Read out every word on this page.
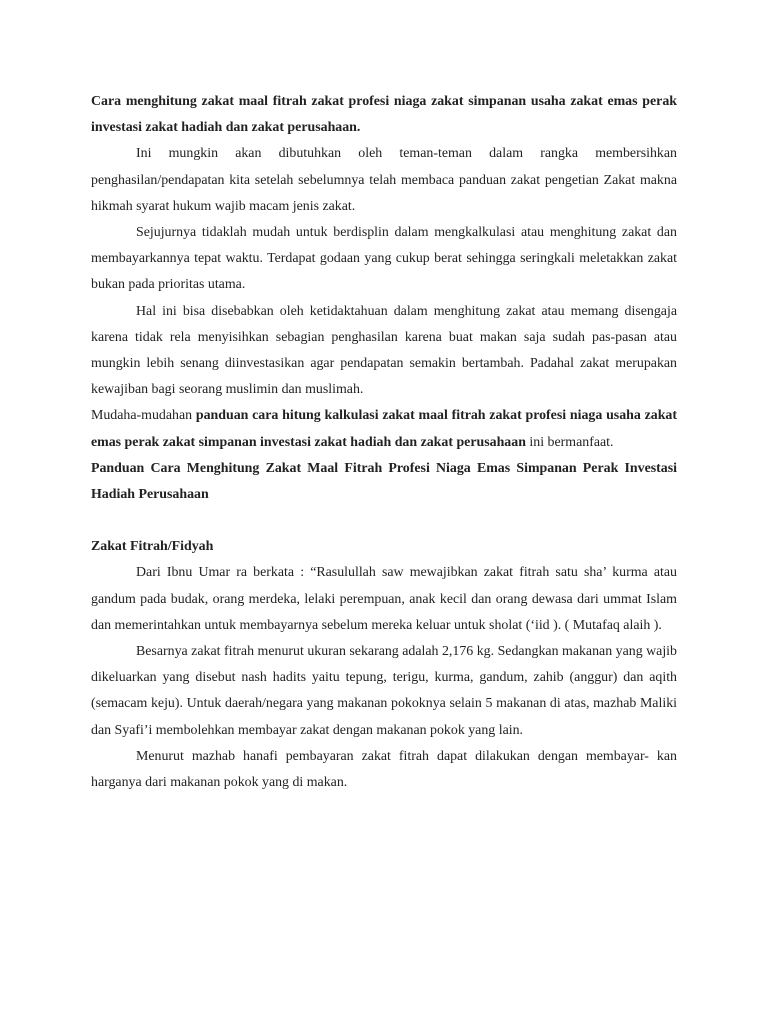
Cara menghitung zakat maal fitrah zakat profesi niaga zakat simpanan usaha zakat emas perak investasi zakat hadiah dan zakat perusahaan.

Ini mungkin akan dibutuhkan oleh teman-teman dalam rangka membersihkan penghasilan/pendapatan kita setelah sebelumnya telah membaca panduan zakat pengetian Zakat makna hikmah syarat hukum wajib macam jenis zakat.

Sejujurnya tidaklah mudah untuk berdisplin dalam mengkalkulasi atau menghitung zakat dan membayarkannya tepat waktu. Terdapat godaan yang cukup berat sehingga seringkali meletakkan zakat bukan pada prioritas utama.

Hal ini bisa disebabkan oleh ketidaktahuan dalam menghitung zakat atau memang disengaja karena tidak rela menyisihkan sebagian penghasilan karena buat makan saja sudah pas-pasan atau mungkin lebih senang diinvestasikan agar pendapatan semakin bertambah. Padahal zakat merupakan kewajiban bagi seorang muslimin dan muslimah.

Mudaha-mudahan panduan cara hitung kalkulasi zakat maal fitrah zakat profesi niaga usaha zakat emas perak zakat simpanan investasi zakat hadiah dan zakat perusahaan ini bermanfaat.

Panduan Cara Menghitung Zakat Maal Fitrah Profesi Niaga Emas Simpanan Perak Investasi Hadiah Perusahaan

Zakat Fitrah/Fidyah

Dari Ibnu Umar ra berkata : “Rasulullah saw mewajibkan zakat fitrah satu sha’ kurma atau gandum pada budak, orang merdeka, lelaki perempuan, anak kecil dan orang dewasa dari ummat Islam dan memerintahkan untuk membayarnya sebelum mereka keluar untuk sholat (‘iid ). ( Mutafaq alaih ).

Besarnya zakat fitrah menurut ukuran sekarang adalah 2,176 kg. Sedangkan makanan yang wajib dikeluarkan yang disebut nash hadits yaitu tepung, terigu, kurma, gandum, zahib (anggur) dan aqith (semacam keju). Untuk daerah/negara yang makanan pokoknya selain 5 makanan di atas, mazhab Maliki dan Syafi’i membolehkan membayar zakat dengan makanan pokok yang lain.

Menurut mazhab hanafi pembayaran zakat fitrah dapat dilakukan dengan membayar- kan harganya dari makanan pokok yang di makan.
